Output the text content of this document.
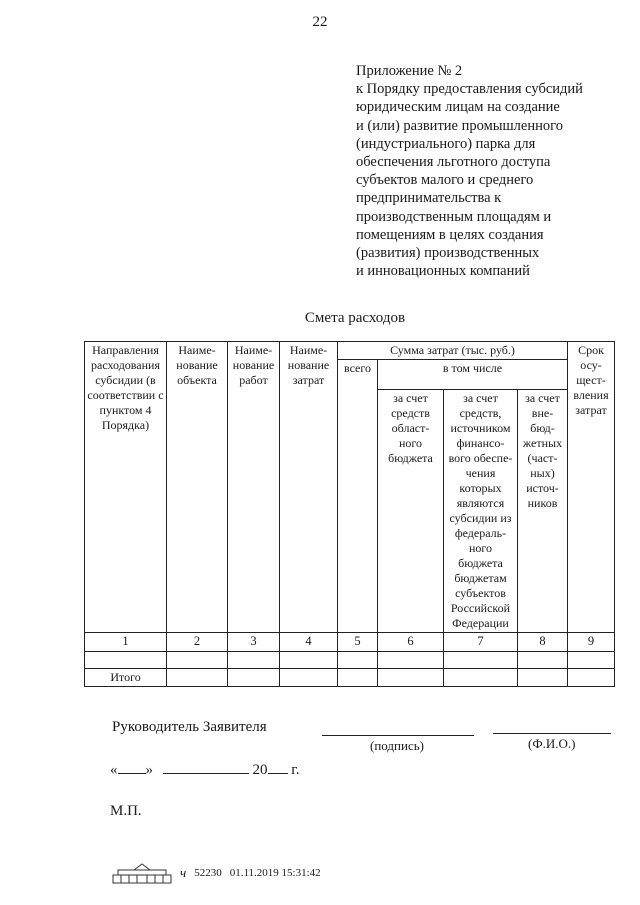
22
Приложение № 2
к Порядку предоставления субсидий
юридическим лицам на создание
и (или) развитие промышленного
(индустриального) парка для
обеспечения льготного доступа
субъектов малого и среднего
предпринимательства к
производственным площадям и
помещениям в целях создания
(развития) производственных
и инновационных компаний
Смета расходов
Направления расходования субсидии (в соответствии с пунктом 4 Порядка)	Наиме- нование объекта	Наиме- нование работ	Наиме- нование затрат	Сумма затрат (тыс. руб.)				Срок осу- щест- вления затрат
				всего	в том числе			
					за счет средств област- ного бюджета	за счет средств, источником финансо- вого обеспе- чения которых являются субсидии из федераль- ного бюджета бюджетам субъектов Российской Федерации	за счет вне- бюд- жетных (част- ных) источ- ников	
1	2	3	4	5	6	7	8	9

Итого								
Руководитель Заявителя
(подпись)	(Ф.И.О.)
« »	20 г.
М.П.
ч 52230 01.11.2019 15:31:42
